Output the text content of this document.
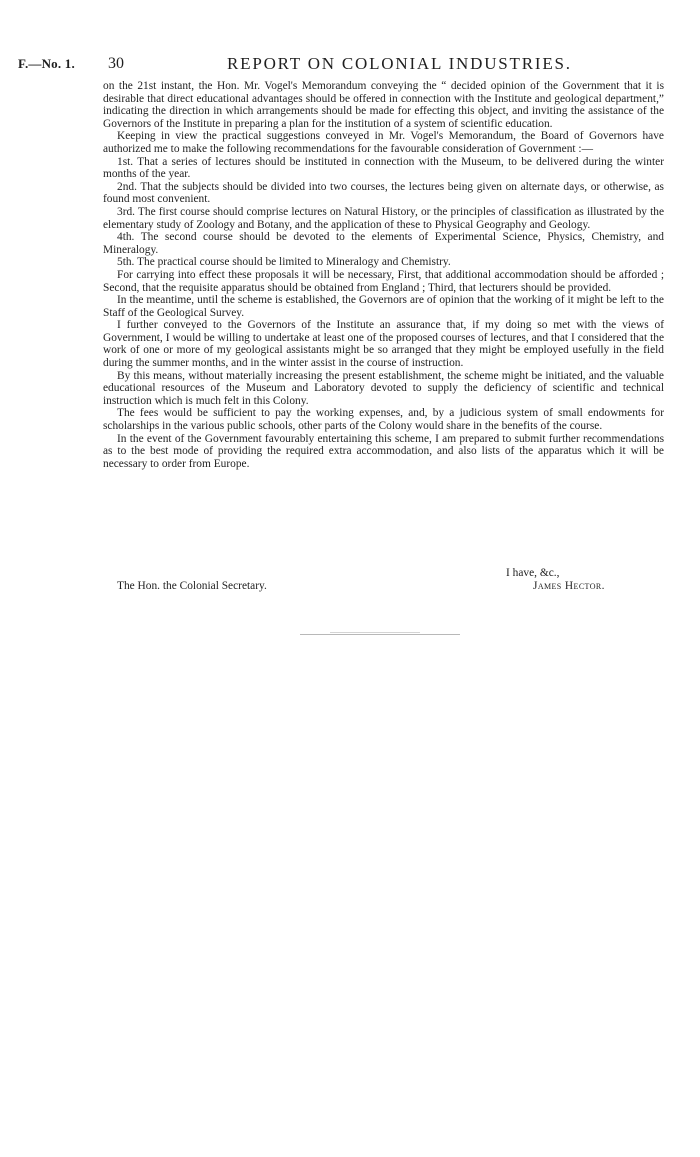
F.—No. 1. 30	REPORT ON COLONIAL INDUSTRIES.

on the 21st instant, the Hon. Mr. Vogel's Memorandum conveying the “ decided opinion of the Government that it is desirable that direct educational advantages should be offered in connection with the Institute and geological department,” indicating the direction in which arrangements should be made for effecting this object, and inviting the assistance of the Governors of the Institute in preparing a plan for the institution of a system of scientific education.

Keeping in view the practical suggestions conveyed in Mr. Vogel's Memorandum, the Board of Governors have authorized me to make the following recommendations for the favourable consideration of Government :—

1st. That a series of lectures should be instituted in connection with the Museum, to be delivered during the winter months of the year.

2nd. That the subjects should be divided into two courses, the lectures being given on alternate days, or otherwise, as found most convenient.

3rd. The first course should comprise lectures on Natural History, or the principles of classification as illustrated by the elementary study of Zoology and Botany, and the application of these to Physical Geography and Geology.

4th. The second course should be devoted to the elements of Experimental Science, Physics, Chemistry, and Mineralogy.

5th. The practical course should be limited to Mineralogy and Chemistry.

For carrying into effect these proposals it will be necessary, First, that additional accommodation should be afforded ; Second, that the requisite apparatus should be obtained from England ; Third, that lecturers should be provided.

In the meantime, until the scheme is established, the Governors are of opinion that the working of it might be left to the Staff of the Geological Survey.

I further conveyed to the Governors of the Institute an assurance that, if my doing so met with the views of Government, I would be willing to undertake at least one of the proposed courses of lectures, and that I considered that the work of one or more of my geological assistants might be so arranged that they might be employed usefully in the field during the summer months, and in the winter assist in the course of instruction.

By this means, without materially increasing the present establishment, the scheme might be initiated, and the valuable educational resources of the Museum and Laboratory devoted to supply the deficiency of scientific and technical instruction which is much felt in this Colony.

The fees would be sufficient to pay the working expenses, and, by a judicious system of small endowments for scholarships in the various public schools, other parts of the Colony would share in the benefits of the course.

In the event of the Government favourably entertaining this scheme, I am prepared to submit further recommendations as to the best mode of providing the required extra accommodation, and also lists of the apparatus which it will be necessary to order from Europe.

I have, &c.,
The Hon. the Colonial Secretary.	James Hector.
